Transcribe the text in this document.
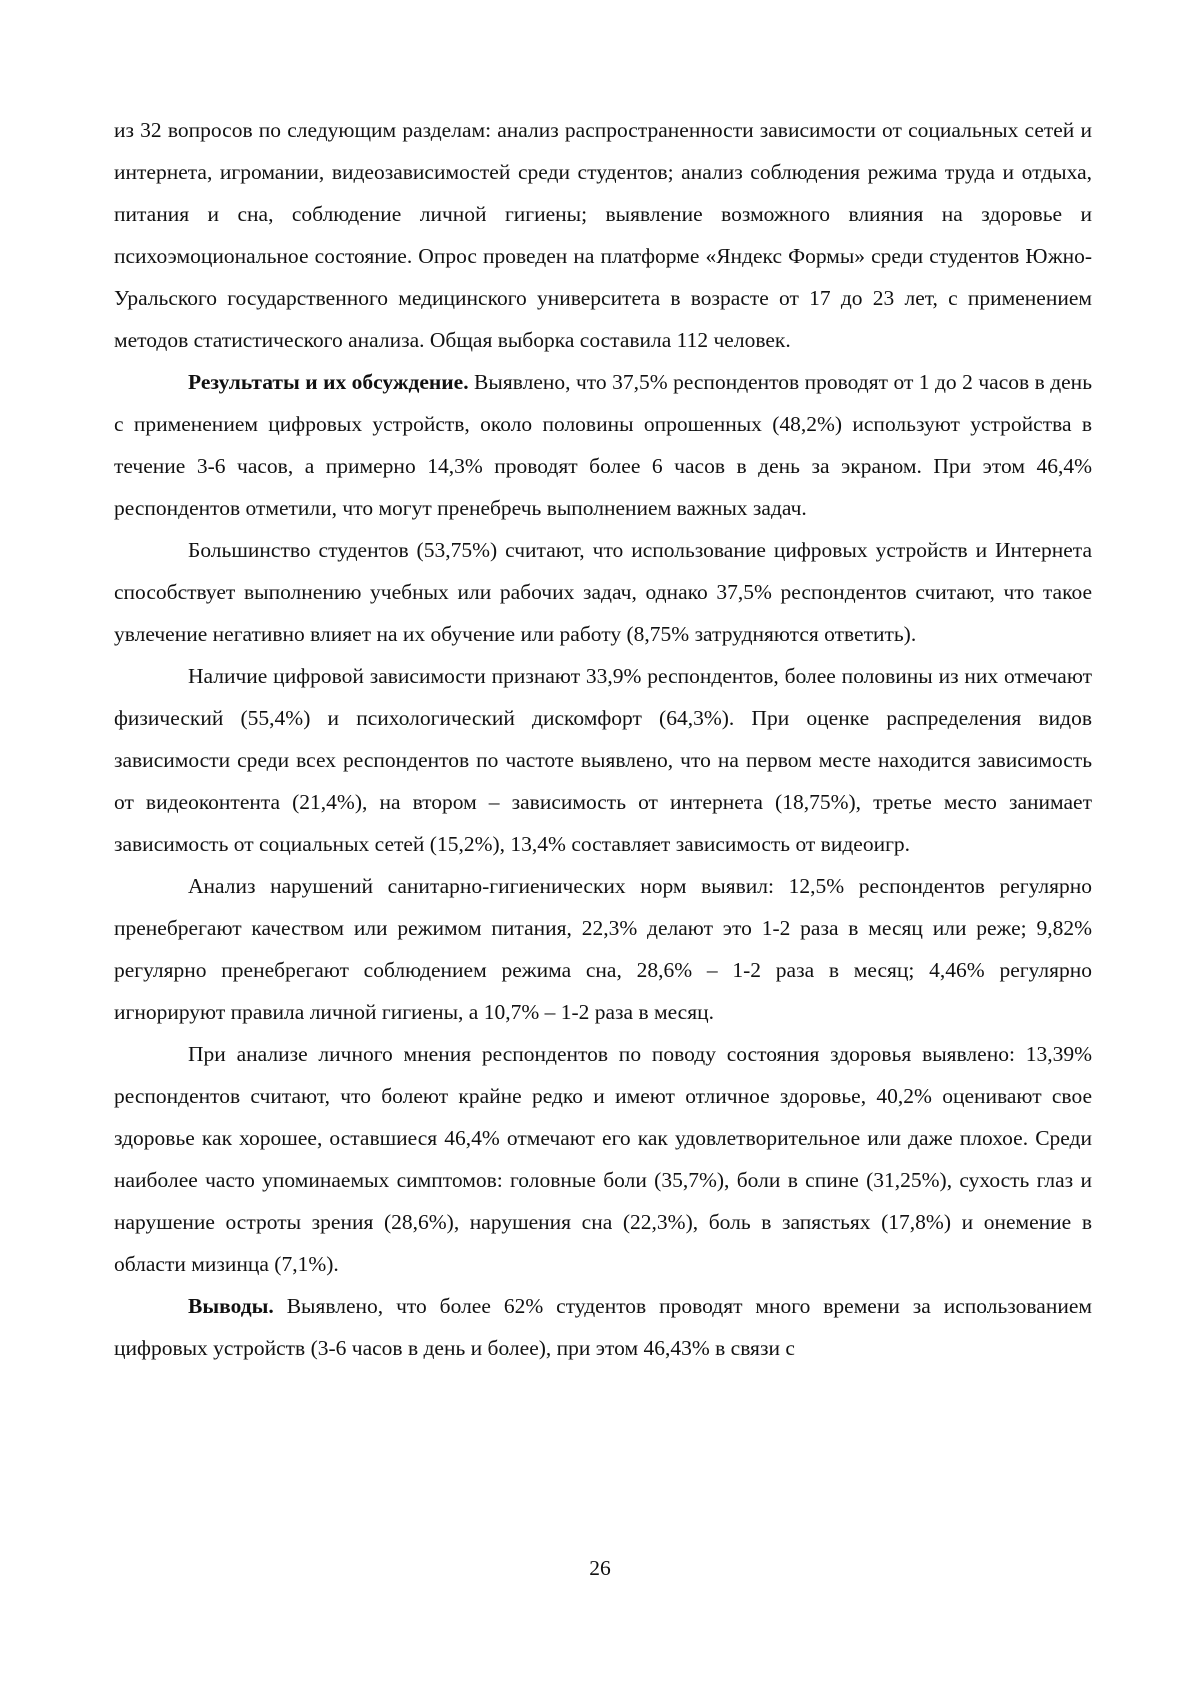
из 32 вопросов по следующим разделам: анализ распространенности зависимости от социальных сетей и интернета, игромании, видеозависимостей среди студентов; анализ соблюдения режима труда и отдыха, питания и сна, соблюдение личной гигиены; выявление возможного влияния на здоровье и психоэмоциональное состояние. Опрос проведен на платформе «Яндекс Формы» среди студентов Южно-Уральского государственного медицинского университета в возрасте от 17 до 23 лет, с применением методов статистического анализа. Общая выборка составила 112 человек.

Результаты и их обсуждение. Выявлено, что 37,5% респондентов проводят от 1 до 2 часов в день с применением цифровых устройств, около половины опрошенных (48,2%) используют устройства в течение 3-6 часов, а примерно 14,3% проводят более 6 часов в день за экраном. При этом 46,4% респондентов отметили, что могут пренебречь выполнением важных задач.

Большинство студентов (53,75%) считают, что использование цифровых устройств и Интернета способствует выполнению учебных или рабочих задач, однако 37,5% респондентов считают, что такое увлечение негативно влияет на их обучение или работу (8,75% затрудняются ответить).

Наличие цифровой зависимости признают 33,9% респондентов, более половины из них отмечают физический (55,4%) и психологический дискомфорт (64,3%). При оценке распределения видов зависимости среди всех респондентов по частоте выявлено, что на первом месте находится зависимость от видеоконтента (21,4%), на втором – зависимость от интернета (18,75%), третье место занимает зависимость от социальных сетей (15,2%), 13,4% составляет зависимость от видеоигр.

Анализ нарушений санитарно-гигиенических норм выявил: 12,5% респондентов регулярно пренебрегают качеством или режимом питания, 22,3% делают это 1-2 раза в месяц или реже; 9,82% регулярно пренебрегают соблюдением режима сна, 28,6% – 1-2 раза в месяц; 4,46% регулярно игнорируют правила личной гигиены, а 10,7% – 1-2 раза в месяц.

При анализе личного мнения респондентов по поводу состояния здоровья выявлено: 13,39% респондентов считают, что болеют крайне редко и имеют отличное здоровье, 40,2% оценивают свое здоровье как хорошее, оставшиеся 46,4% отмечают его как удовлетворительное или даже плохое. Среди наиболее часто упоминаемых симптомов: головные боли (35,7%), боли в спине (31,25%), сухость глаз и нарушение остроты зрения (28,6%), нарушения сна (22,3%), боль в запястьях (17,8%) и онемение в области мизинца (7,1%).

Выводы. Выявлено, что более 62% студентов проводят много времени за использованием цифровых устройств (3-6 часов в день и более), при этом 46,43% в связи с

26
